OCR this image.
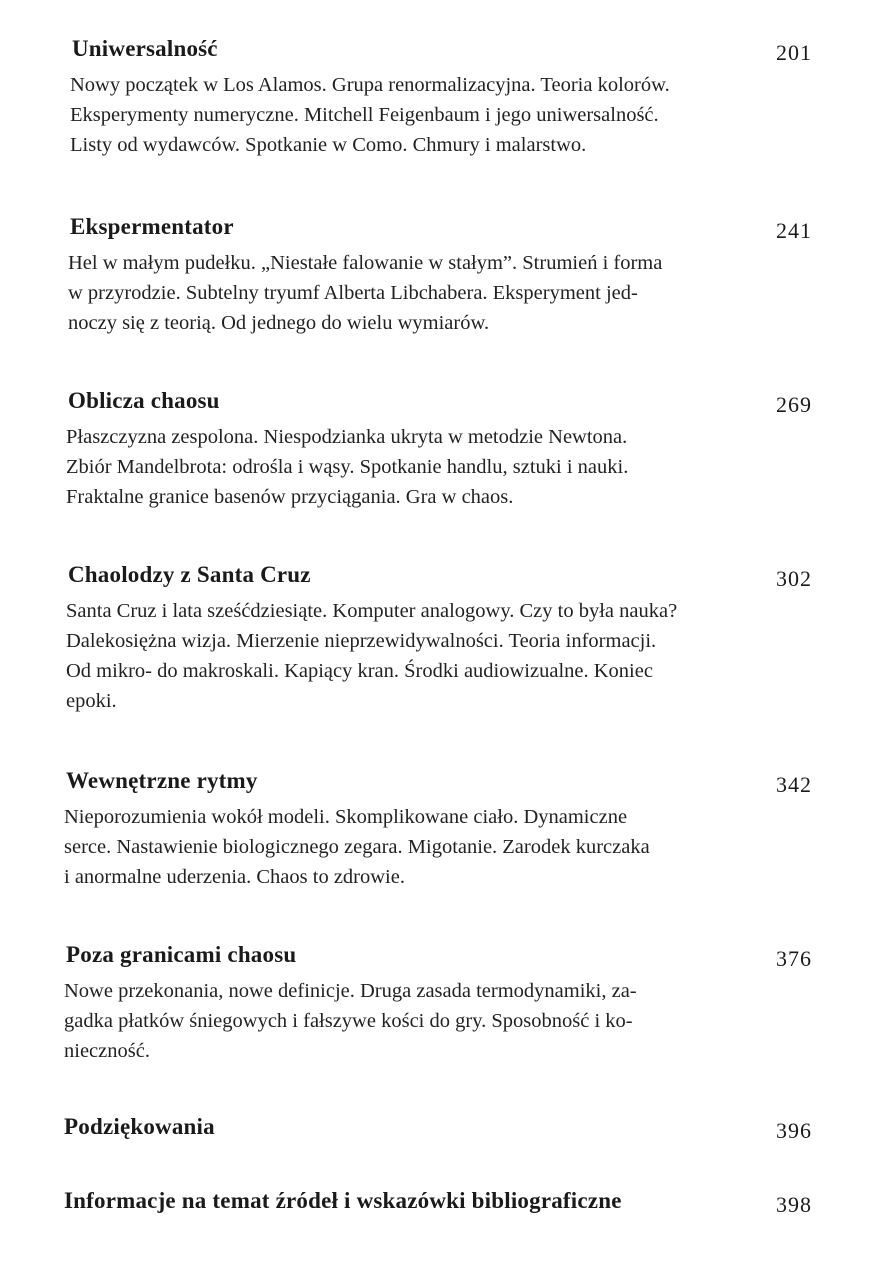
Uniwersalność	201
Nowy początek w Los Alamos. Grupa renormalizacyjna. Teoria kolorów.
Eksperymenty numeryczne. Mitchell Feigenbaum i jego uniwersalność.
Listy od wydawców. Spotkanie w Como. Chmury i malarstwo.
Ekspermentator	241
Hel w małym pudełku. „Niestałe falowanie w stałym”. Strumień i forma
w przyrodzie. Subtelny tryumf Alberta Libchabera. Eksperyment jed-
noczy się z teorią. Od jednego do wielu wymiarów.
Oblicza chaosu	269
Płaszczyzna zespolona. Niespodzianka ukryta w metodzie Newtona.
Zbiór Mandelbrota: odrośla i wąsy. Spotkanie handlu, sztuki i nauki.
Fraktalne granice basenów przyciągania. Gra w chaos.
Chaolodzy z Santa Cruz	302
Santa Cruz i lata sześćdziesiąte. Komputer analogowy. Czy to była nauka?
Dalekosiężna wizja. Mierzenie nieprzewidywalności. Teoria informacji.
Od mikro- do makroskali. Kapiący kran. Środki audiowizualne. Koniec
epoki.
Wewnętrzne rytmy	342
Nieporozumienia wokół modeli. Skomplikowane ciało. Dynamiczne
serce. Nastawienie biologicznego zegara. Migotanie. Zarodek kurczaka
i anormalne uderzenia. Chaos to zdrowie.
Poza granicami chaosu	376
Nowe przekonania, nowe definicje. Druga zasada termodynamiki, za-
gadka płatków śniegowych i fałszywe kości do gry. Sposobność i ko-
nieczność.
Podziękowania	396
Informacje na temat źródeł i wskazówki bibliograficzne	398
